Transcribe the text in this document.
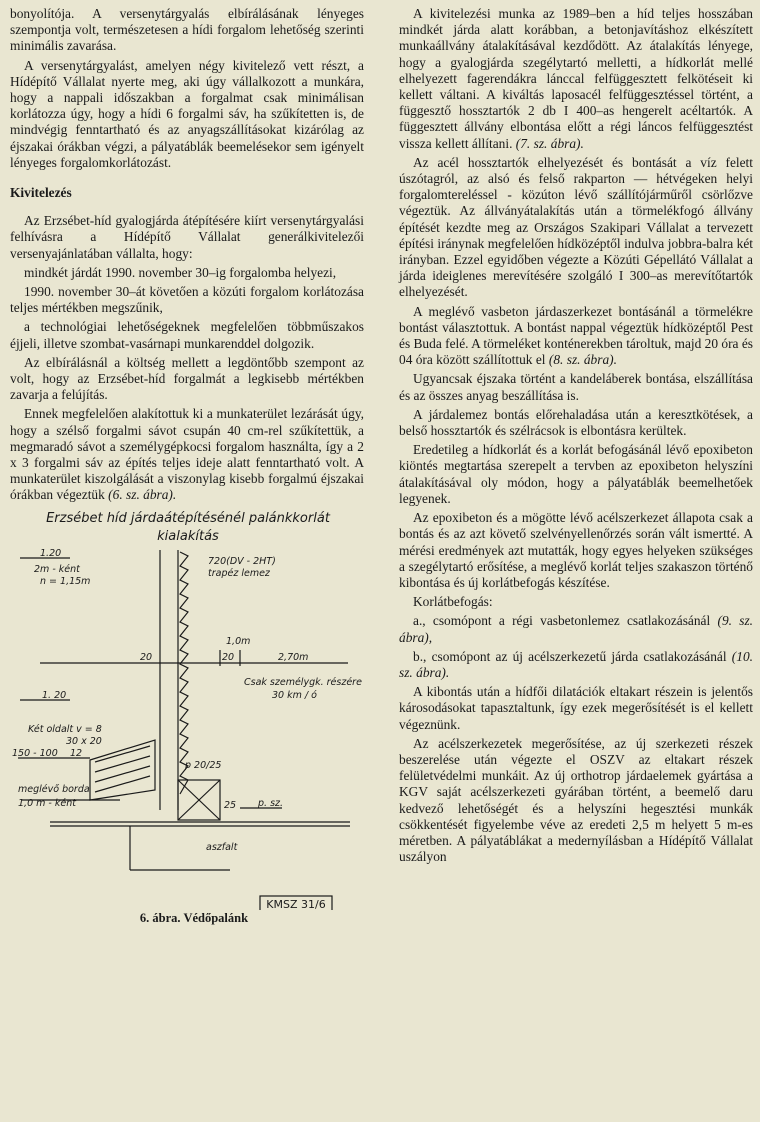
bonyolítója. A versenytárgyalás elbírálásának lényeges szempontja volt, természetesen a hídi forgalom lehetőség szerinti minimális zavarása.

A versenytárgyalást, amelyen négy kivitelező vett részt, a Hídépítő Vállalat nyerte meg, aki úgy vállalkozott a munkára, hogy a nappali időszakban a forgalmat csak minimálisan korlátozza úgy, hogy a hídi 6 forgalmi sáv, ha szűkítetten is, de mindvégig fenntartható és az anyagszállításokat kizárólag az éjszakai órákban végzi, a pályatáblák beemelésekor sem igényelt lényeges forgalomkorlátozást.

Kivitelezés

Az Erzsébet-híd gyalogjárda átépítésére kiírt versenytárgyalási felhívásra a Hídépítő Vállalat generálkivitelezői versenyajánlatában vállalta, hogy:

mindkét járdát 1990. november 30–ig forgalomba helyezi,

1990. november 30–át követően a közúti forgalom korlátozása teljes mértékben megszűnik,

a technológiai lehetőségeknek megfelelően többműszakos éjjeli, illetve szombat-vasárnapi munkarenddel dolgozik.

Az elbírálásnál a költség mellett a legdöntőbb szempont az volt, hogy az Erzsébet-híd forgalmát a legkisebb mértékben zavarja a felújítás.

Ennek megfelelően alakítottuk ki a munkaterület lezárását úgy, hogy a szélső forgalmi sávot csupán 40 cm-rel szűkítettük, a megmaradó sávot a személygépkocsi forgalom használta, így a 2 x 3 forgalmi sáv az építés teljes ideje alatt fenntartható volt. A munkaterület kiszolgálását a viszonylag kisebb forgalmú éjszakai órákban végeztük (6. sz. ábra).

Erzsébet híd járdaátépítésénél palánkkorlát
kialakítás
1.20
2m - ként
n = 1,15m
720(DV - 2HT)
trapéz lemez
1,0m
20	20	2,70m
Csak személygk. részére
30 km / ó
1. 20
Két oldalt v = 8
30 x 20
150 - 100 12
p 20/25
meglévő borda
1,0 m - ként	25 p. sz.
aszfalt
KMSZ 31/6

6. ábra. Védőpalánk

A kivitelezési munka az 1989–ben a híd teljes hosszában mindkét járda alatt korábban, a betonjavításhoz elkészített munkaállvány átalakításával kezdődött. Az átalakítás lényege, hogy a gyalogjárda szegélytartó melletti, a hídkorlát mellé elhelyezett fagerendákra lánccal felfüggesztett felkötéseit ki kellett váltani. A kiváltás laposacél felfüggesztéssel történt, a függesztő hossztartók 2 db I 400–as hengerelt acéltartók. A függesztett állvány elbontása előtt a régi láncos felfüggesztést vissza kellett állítani. (7. sz. ábra).

Az acél hossztartók elhelyezését és bontását a víz felett úszótagról, az alsó és felső rakparton — hétvégeken helyi forgalomtereléssel - közúton lévő szállítójárműről csörlőzve végeztük. Az állványátalakítás után a törmelékfogó állvány építését kezdte meg az Országos Szakipari Vállalat a tervezett építési iránynak megfelelően hídközéptől indulva jobbra-balra két irányban. Ezzel egyidőben végezte a Közúti Gépellátó Vállalat a járda ideiglenes merevítésére szolgáló I 300–as merevítőtartók elhelyezését.

A meglévő vasbeton járdaszerkezet bontásánál a törmelékre bontást választottuk. A bontást nappal végeztük hídközéptől Pest és Buda felé. A törmeléket konténerekben tároltuk, majd 20 óra és 04 óra között szállítottuk el (8. sz. ábra).

Ugyancsak éjszaka történt a kandeláberek bontása, elszállítása és az összes anyag beszállítása is.

A járdalemez bontás előrehaladása után a keresztkötések, a belső hossztartók és szélrácsok is elbontásra kerültek.

Eredetileg a hídkorlát és a korlát befogásánál lévő epoxibeton kiöntés megtartása szerepelt a tervben az epoxibeton helyszíni átalakításával oly módon, hogy a pályatáblák beemelhetőek legyenek.

Az epoxibeton és a mögötte lévő acélszerkezet állapota csak a bontás és az azt követő szelvényellenőrzés során vált ismertté. A mérési eredmények azt mutatták, hogy egyes helyeken szükséges a szegélytartó erősítése, a meglévő korlát teljes szakaszon történő kibontása és új korlátbefogás készítése.

Korlátbefogás:

a., csomópont a régi vasbetonlemez csatlakozásánál (9. sz. ábra),

b., csomópont az új acélszerkezetű járda csatlakozásánál (10. sz. ábra).

A kibontás után a hídfői dilatációk eltakart részein is jelentős károsodásokat tapasztaltunk, így ezek megerősítését is el kellett végeznünk.

Az acélszerkezetek megerősítése, az új szerkezeti részek beszerelése után végezte el OSZV az eltakart részek felületvédelmi munkáit. Az új orthotrop járdaelemek gyártása a KGV saját acélszerkezeti gyárában történt, a beemelő daru kedvező lehetőségét és a helyszíni hegesztési munkák csökkentését figyelembe véve az eredeti 2,5 m helyett 5 m-es méretben. A pályatáblákat a medernyílásban a Hídépítő Vállalat uszályon
